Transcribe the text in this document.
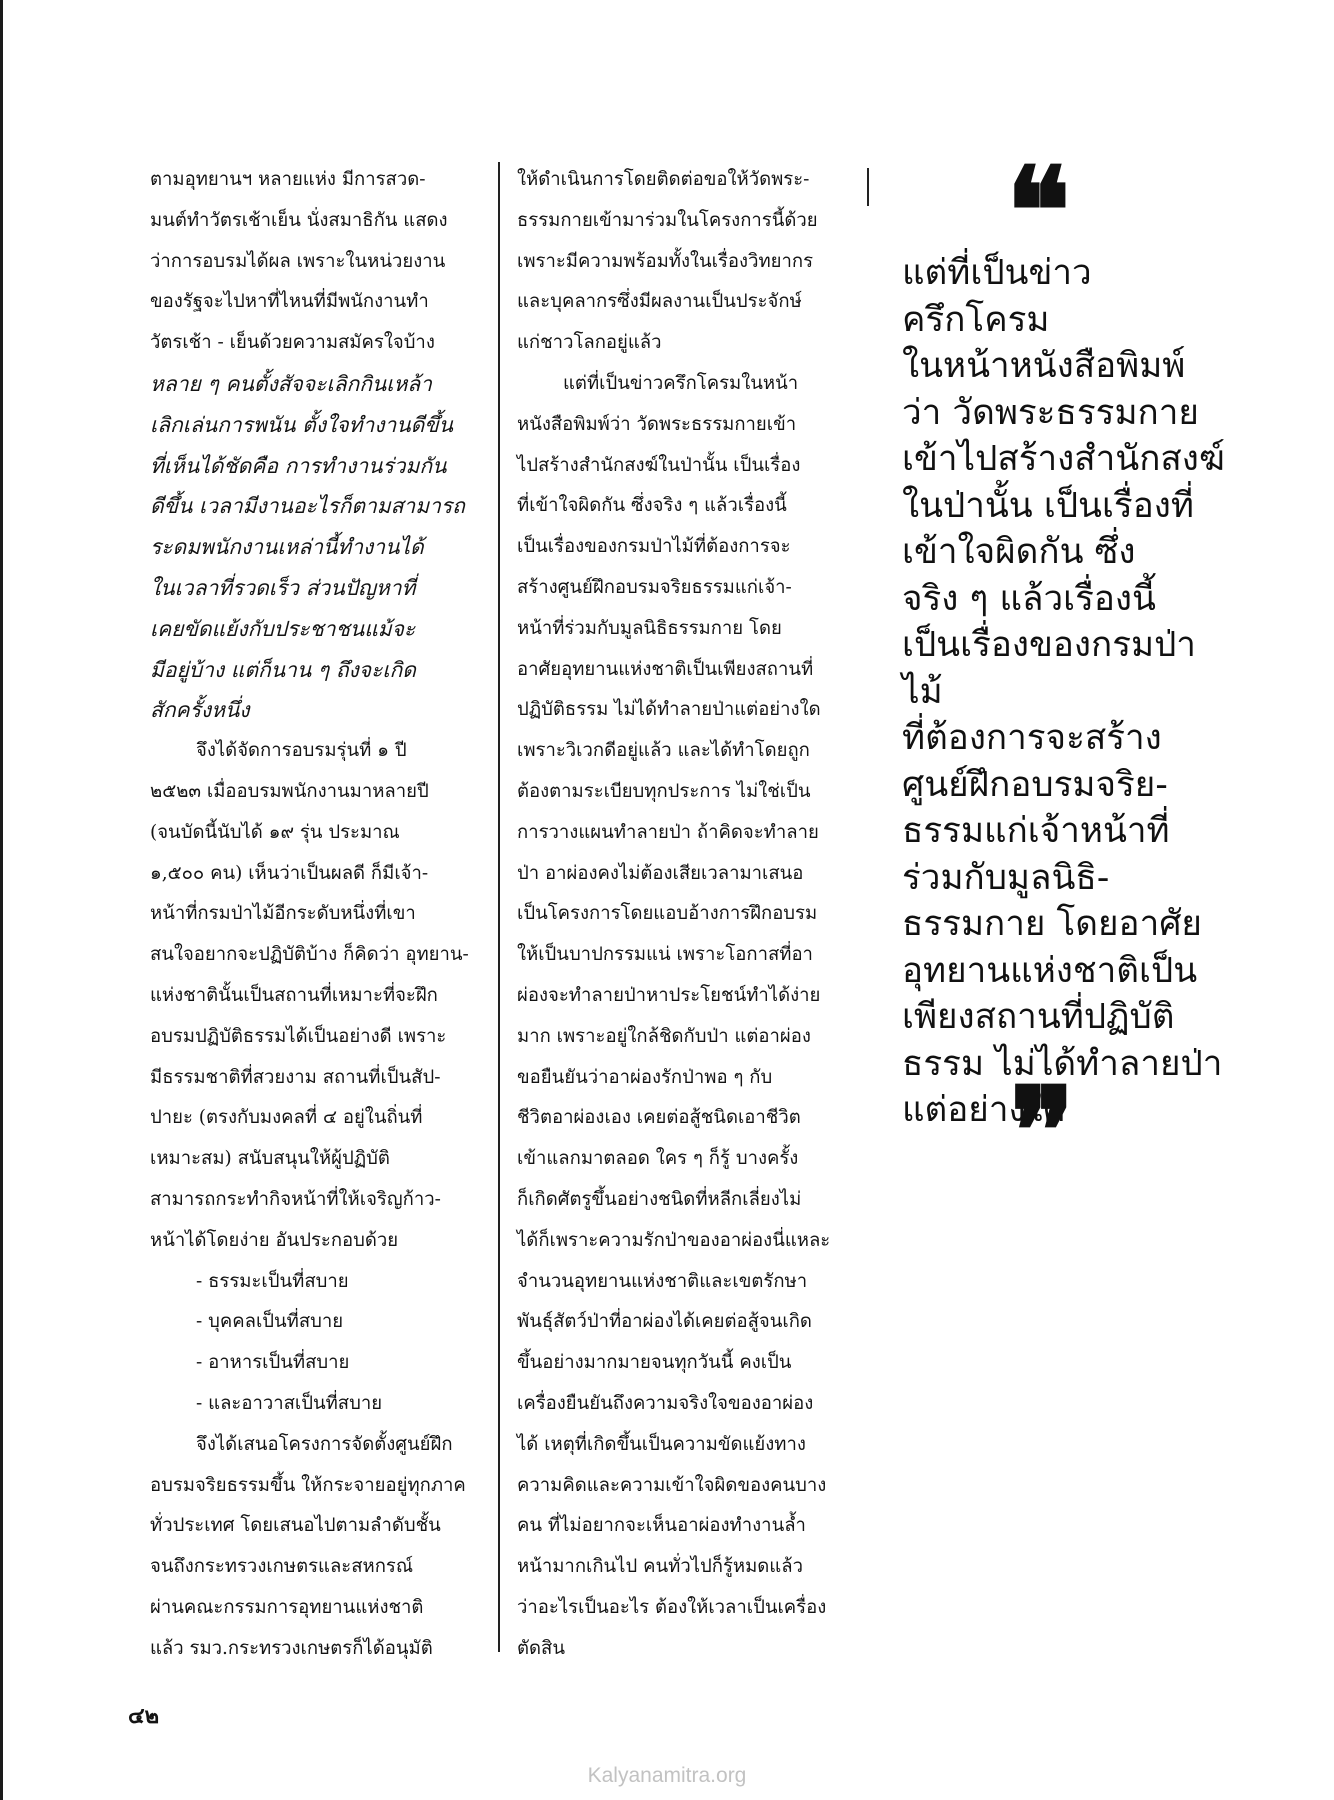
ตามอุทยานฯ หลายแห่ง มีการสวด-
มนต์ทำวัตรเช้าเย็น นั่งสมาธิกัน แสดง
ว่าการอบรมได้ผล เพราะในหน่วยงาน
ของรัฐจะไปหาที่ไหนที่มีพนักงานทำ
วัตรเช้า - เย็นด้วยความสมัครใจบ้าง

หลาย ๆ คนตั้งสัจจะเลิกกินเหล้า
เลิกเล่นการพนัน ตั้งใจทำงานดีขึ้น
ที่เห็นได้ชัดคือ การทำงานร่วมกัน
ดีขึ้น เวลามีงานอะไรก็ตามสามารถ
ระดมพนักงานเหล่านี้ทำงานได้
ในเวลาที่รวดเร็ว ส่วนปัญหาที่
เคยขัดแย้งกับประชาชนแม้จะ
มีอยู่บ้าง แต่ก็นาน ๆ ถึงจะเกิด
สักครั้งหนึ่ง

จึงได้จัดการอบรมรุ่นที่ ๑ ปี
๒๕๒๓ เมื่ออบรมพนักงานมาหลายปี
(จนบัดนี้นับได้ ๑๙ รุ่น ประมาณ
๑,๕๐๐ คน) เห็นว่าเป็นผลดี ก็มีเจ้า-
หน้าที่กรมป่าไม้อีกระดับหนึ่งที่เขา
สนใจอยากจะปฏิบัติบ้าง ก็คิดว่า อุทยาน-
แห่งชาตินั้นเป็นสถานที่เหมาะที่จะฝึก
อบรมปฏิบัติธรรมได้เป็นอย่างดี เพราะ
มีธรรมชาติที่สวยงาม สถานที่เป็นสัป-
ปายะ (ตรงกับมงคลที่ ๔ อยู่ในถิ่นที่
เหมาะสม) สนับสนุนให้ผู้ปฏิบัติ
สามารถกระทำกิจหน้าที่ให้เจริญก้าว-
หน้าได้โดยง่าย อันประกอบด้วย

- ธรรมะเป็นที่สบาย
- บุคคลเป็นที่สบาย
- อาหารเป็นที่สบาย
- และอาวาสเป็นที่สบาย

จึงได้เสนอโครงการจัดตั้งศูนย์ฝึก
อบรมจริยธรรมขึ้น ให้กระจายอยู่ทุกภาค
ทั่วประเทศ โดยเสนอไปตามลำดับชั้น
จนถึงกระทรวงเกษตรและสหกรณ์
ผ่านคณะกรรมการอุทยานแห่งชาติ
แล้ว รมว.กระทรวงเกษตรก็ได้อนุมัติ

ให้ดำเนินการโดยติดต่อขอให้วัดพระ-
ธรรมกายเข้ามาร่วมในโครงการนี้ด้วย
เพราะมีความพร้อมทั้งในเรื่องวิทยากร
และบุคลากรซึ่งมีผลงานเป็นประจักษ์
แก่ชาวโลกอยู่แล้ว

แต่ที่เป็นข่าวครึกโครมในหน้า
หนังสือพิมพ์ว่า วัดพระธรรมกายเข้า
ไปสร้างสำนักสงฆ์ในป่านั้น เป็นเรื่อง
ที่เข้าใจผิดกัน ซึ่งจริง ๆ แล้วเรื่องนี้
เป็นเรื่องของกรมป่าไม้ที่ต้องการจะ
สร้างศูนย์ฝึกอบรมจริยธรรมแก่เจ้า-
หน้าที่ร่วมกับมูลนิธิธรรมกาย โดย
อาศัยอุทยานแห่งชาติเป็นเพียงสถานที่
ปฏิบัติธรรม ไม่ได้ทำลายป่าแต่อย่างใด
เพราะวิเวกดีอยู่แล้ว และได้ทำโดยถูก
ต้องตามระเบียบทุกประการ ไม่ใช่เป็น
การวางแผนทำลายป่า ถ้าคิดจะทำลาย
ป่า อาผ่องคงไม่ต้องเสียเวลามาเสนอ
เป็นโครงการโดยแอบอ้างการฝึกอบรม
ให้เป็นบาปกรรมแน่ เพราะโอกาสที่อา
ผ่องจะทำลายป่าหาประโยชน์ทำได้ง่าย
มาก เพราะอยู่ใกล้ชิดกับป่า แต่อาผ่อง
ขอยืนยันว่าอาผ่องรักป่าพอ ๆ กับ
ชีวิตอาผ่องเอง เคยต่อสู้ชนิดเอาชีวิต
เข้าแลกมาตลอด ใคร ๆ ก็รู้ บางครั้ง
ก็เกิดศัตรูขึ้นอย่างชนิดที่หลีกเลี่ยงไม่
ได้ก็เพราะความรักป่าของอาผ่องนี่แหละ
จำนวนอุทยานแห่งชาติและเขตรักษา
พันธุ์สัตว์ป่าที่อาผ่องได้เคยต่อสู้จนเกิด
ขึ้นอย่างมากมายจนทุกวันนี้ คงเป็น
เครื่องยืนยันถึงความจริงใจของอาผ่อง
ได้ เหตุที่เกิดขึ้นเป็นความขัดแย้งทาง
ความคิดและความเข้าใจผิดของคนบาง
คน ที่ไม่อยากจะเห็นอาผ่องทำงานล้ำ
หน้ามากเกินไป คนทั่วไปก็รู้หมดแล้ว
ว่าอะไรเป็นอะไร ต้องให้เวลาเป็นเครื่อง
ตัดสิน

❝

แต่ที่เป็นข่าวครึกโครม
ในหน้าหนังสือพิมพ์
ว่า วัดพระธรรมกาย
เข้าไปสร้างสำนักสงฆ์
ในป่านั้น เป็นเรื่องที่
เข้าใจผิดกัน ซึ่ง
จริง ๆ แล้วเรื่องนี้
เป็นเรื่องของกรมป่าไม้
ที่ต้องการจะสร้าง
ศูนย์ฝึกอบรมจริย-
ธรรมแก่เจ้าหน้าที่
ร่วมกับมูลนิธิ-
ธรรมกาย โดยอาศัย
อุทยานแห่งชาติเป็น
เพียงสถานที่ปฏิบัติ
ธรรม ไม่ได้ทำลายป่า
แต่อย่างใด

❞
๔๒
Kalyanamitra.org
